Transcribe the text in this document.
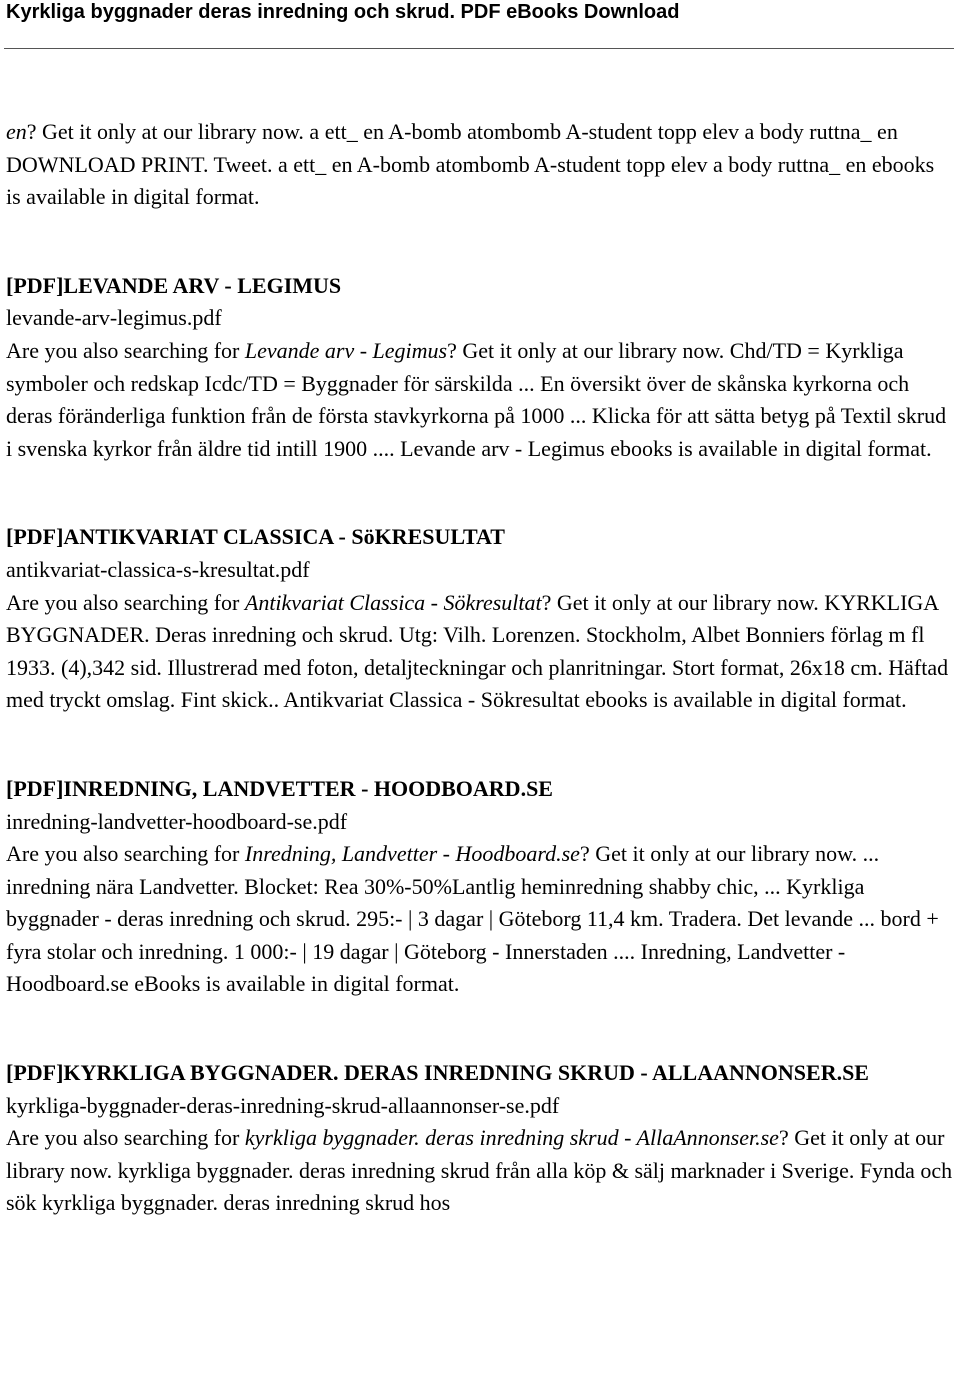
Kyrkliga byggnader deras inredning och skrud. PDF eBooks Download

en? Get it only at our library now. a ett_ en A-bomb atombomb A-student topp elev a body ruttna_ en DOWNLOAD PRINT. Tweet. a ett_ en A-bomb atombomb A-student topp elev a body ruttna_ en ebooks is available in digital format.

[PDF]LEVANDE ARV - LEGIMUS

levande-arv-legimus.pdf

Are you also searching for Levande arv - Legimus? Get it only at our library now. Chd/TD = Kyrkliga symboler och redskap Icdc/TD = Byggnader för särskilda ... En översikt över de skånska kyrkorna och deras föränderliga funktion från de första stavkyrkorna på 1000 ... Klicka för att sätta betyg på Textil skrud i svenska kyrkor från äldre tid intill 1900 .... Levande arv - Legimus ebooks is available in digital format.

[PDF]ANTIKVARIAT CLASSICA - SöKRESULTAT

antikvariat-classica-s-kresultat.pdf

Are you also searching for Antikvariat Classica - Sökresultat? Get it only at our library now. KYRKLIGA BYGGNADER. Deras inredning och skrud. Utg: Vilh. Lorenzen. Stockholm, Albet Bonniers förlag m fl 1933. (4),342 sid. Illustrerad med foton, detaljteckningar och planritningar. Stort format, 26x18 cm. Häftad med tryckt omslag. Fint skick.. Antikvariat Classica - Sökresultat ebooks is available in digital format.

[PDF]INREDNING, LANDVETTER - HOODBOARD.SE

inredning-landvetter-hoodboard-se.pdf

Are you also searching for Inredning, Landvetter - Hoodboard.se? Get it only at our library now. ... inredning nära Landvetter. Blocket: Rea 30%-50%Lantlig heminredning shabby chic, ... Kyrkliga byggnader - deras inredning och skrud. 295:- | 3 dagar | Göteborg 11,4 km. Tradera. Det levande ... bord + fyra stolar och inredning. 1 000:- | 19 dagar | Göteborg - Innerstaden .... Inredning, Landvetter - Hoodboard.se eBooks is available in digital format.

[PDF]KYRKLIGA BYGGNADER. DERAS INREDNING SKRUD - ALLAANNONSER.SE

kyrkliga-byggnader-deras-inredning-skrud-allaannonser-se.pdf

Are you also searching for kyrkliga byggnader. deras inredning skrud - AllaAnnonser.se? Get it only at our library now. kyrkliga byggnader. deras inredning skrud från alla köp & sälj marknader i Sverige. Fynda och sök kyrkliga byggnader. deras inredning skrud hos
